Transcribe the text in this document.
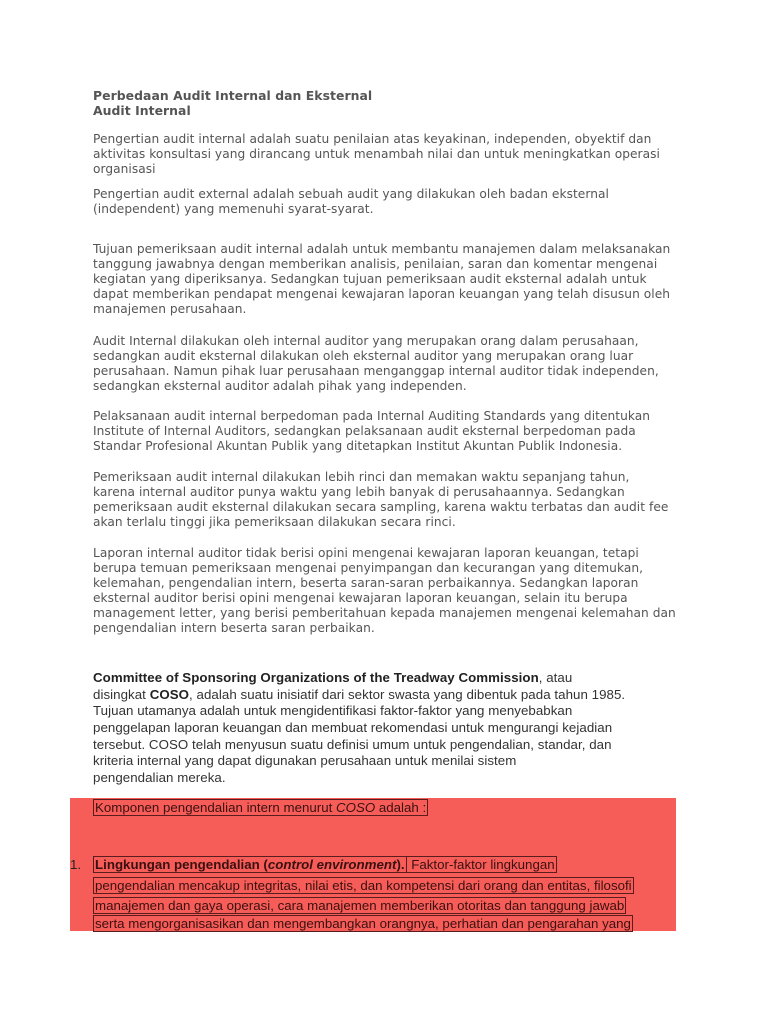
Perbedaan Audit Internal dan Eksternal
Audit Internal
Pengertian audit internal adalah suatu penilaian atas keyakinan, independen, obyektif dan
aktivitas konsultasi yang dirancang untuk menambah nilai dan untuk meningkatkan operasi
organisasi
Pengertian audit external adalah sebuah audit yang dilakukan oleh badan eksternal
(independent) yang memenuhi syarat-syarat.
Tujuan pemeriksaan audit internal adalah untuk membantu manajemen dalam melaksanakan
tanggung jawabnya dengan memberikan analisis, penilaian, saran dan komentar mengenai
kegiatan yang diperiksanya. Sedangkan tujuan pemeriksaan audit eksternal adalah untuk
dapat memberikan pendapat mengenai kewajaran laporan keuangan yang telah disusun oleh
manajemen perusahaan.
Audit Internal dilakukan oleh internal auditor yang merupakan orang dalam perusahaan,
sedangkan audit eksternal dilakukan oleh eksternal auditor yang merupakan orang luar
perusahaan. Namun pihak luar perusahaan menganggap internal auditor tidak independen,
sedangkan eksternal auditor adalah pihak yang independen.
Pelaksanaan audit internal berpedoman pada Internal Auditing Standards yang ditentukan
Institute of Internal Auditors, sedangkan pelaksanaan audit eksternal berpedoman pada
Standar Profesional Akuntan Publik yang ditetapkan Institut Akuntan Publik Indonesia.
Pemeriksaan audit internal dilakukan lebih rinci dan memakan waktu sepanjang tahun,
karena internal auditor punya waktu yang lebih banyak di perusahaannya. Sedangkan
pemeriksaan audit eksternal dilakukan secara sampling, karena waktu terbatas dan audit fee
akan terlalu tinggi jika pemeriksaan dilakukan secara rinci.
Laporan internal auditor tidak berisi opini mengenai kewajaran laporan keuangan, tetapi
berupa temuan pemeriksaan mengenai penyimpangan dan kecurangan yang ditemukan,
kelemahan, pengendalian intern, beserta saran-saran perbaikannya. Sedangkan laporan
eksternal auditor berisi opini mengenai kewajaran laporan keuangan, selain itu berupa
management letter, yang berisi pemberitahuan kepada manajemen mengenai kelemahan dan
pengendalian intern beserta saran perbaikan.
Committee of Sponsoring Organizations of the Treadway Commission, atau
disingkat COSO, adalah suatu inisiatif dari sektor swasta yang dibentuk pada tahun 1985.
Tujuan utamanya adalah untuk mengidentifikasi faktor-faktor yang menyebabkan
penggelapan laporan keuangan dan membuat rekomendasi untuk mengurangi kejadian
tersebut. COSO telah menyusun suatu definisi umum untuk pengendalian, standar, dan
kriteria internal yang dapat digunakan perusahaan untuk menilai sistem
pengendalian mereka.
Komponen pengendalian intern menurut COSO adalah :
1. Lingkungan pengendalian (control environment). Faktor-faktor lingkungan
pengendalian mencakup integritas, nilai etis, dan kompetensi dari orang dan entitas, filosofi
manajemen dan gaya operasi, cara manajemen memberikan otoritas dan tanggung jawab
serta mengorganisasikan dan mengembangkan orangnya, perhatian dan pengarahan yang
